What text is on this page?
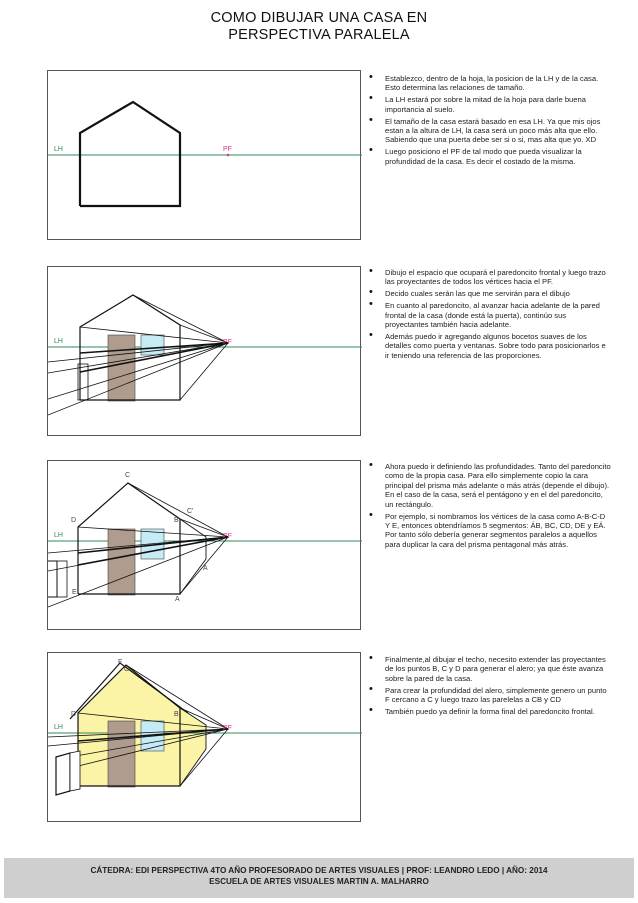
COMO DIBUJAR UNA CASA EN
PERSPECTIVA PARALELA
LH	PF
• Establezco, dentro de la hoja, la posicion de la LH y de la casa. Esto determina las relaciones de tamaño.
• La LH estará por sobre la mitad de la hoja para darle buena importancia al suelo.
• El tamaño de la casa estará basado en esa LH. Ya que mis ojos estan a la altura de LH, la casa será un poco más alta que ello. Sabiendo que una puerta debe ser si o si, mas alta que yo. XD
• Luego posiciono el PF de tal modo que pueda visualizar la profundidad de la casa. Es decir el costado de la misma.
LH	PF
• Dibujo el espacio que ocupará el paredoncito frontal y luego trazo las proyectantes de todos los vértices hacia el PF.
• Decido cuales serán las que me servirán para el dibujo
• En cuanto al paredoncito, al avanzar hacia adelante de la pared frontal de la casa (donde está la puerta), continúo sus proyectantes también hacia adelante.
• Además puedo ir agregando algunos bocetos suaves de los detalles como puerta y ventanas. Sobre todo para posicionarlos e ir teniendo una referencia de las proporciones.
LH	PF
C
D	B
C'
A
A
E
• Ahora puedo ir definiendo las profundidades. Tanto del paredoncito como de la propia casa. Para ello simplemente copio la cara principal del prisma más adelante o más atrás (depende el dibujo). En el caso de la casa, será el pentágono y en el del paredoncito, un rectángulo.
• Por ejemplo, si nombramos los vértices de la casa como A-B-C-D Y E, entonces obtendríamos 5 segmentos: ÁB, BC, CD, DE y EÁ. Por tanto sólo debería generar segmentos paralelos a aquellos para duplicar la cara del prisma pentagonal más atrás.
LH	PF
F
C
D	B
• Finalmente,al dibujar el techo, necesito extender las proyectantes de los puntos B, C y D para generar el alero; ya que éste avanza sobre la pared de la casa.
• Para crear la profundidad del alero, simplemente genero un punto F cercano a C y luego trazo las parelelas a CB y CD
• También puedo ya definir la forma final del paredoncito frontal.
CÁTEDRA: EDI PERSPECTIVA 4TO AÑO PROFESORADO DE ARTES VISUALES | PROF: LEANDRO LEDO | AÑO: 2014
ESCUELA DE ARTES VISUALES MARTIN A. MALHARRO
